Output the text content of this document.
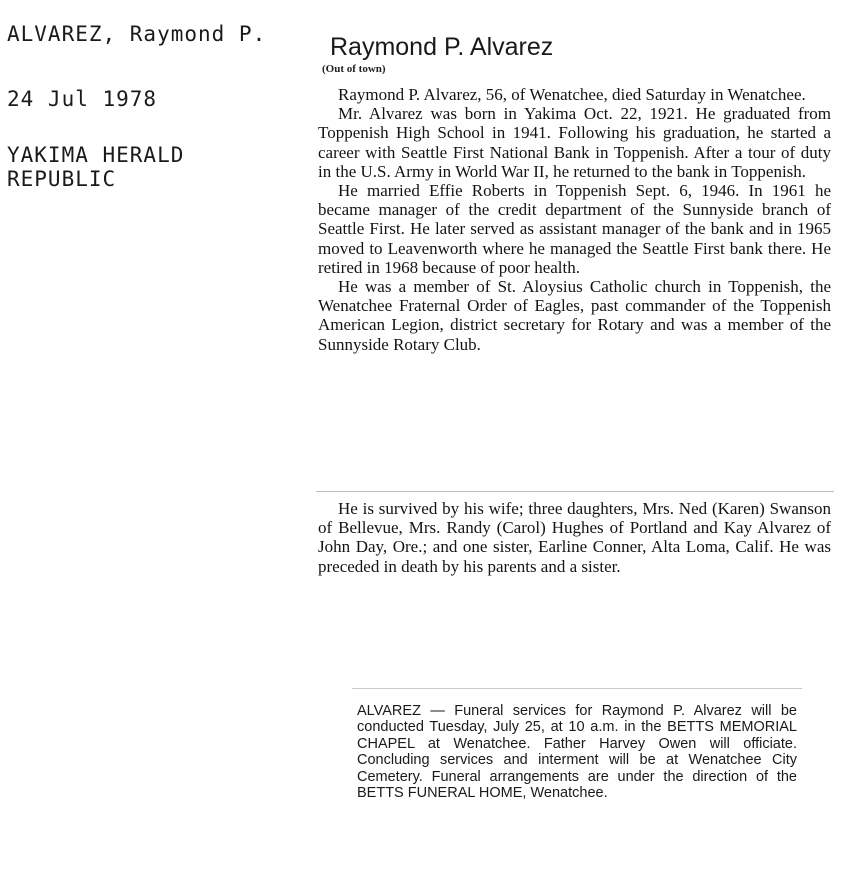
ALVAREZ, Raymond P.
24 Jul 1978
YAKIMA HERALD
REPUBLIC
Raymond P. Alvarez
(Out of town)

Raymond P. Alvarez, 56, of Wenatchee, died Saturday in Wenatchee.

Mr. Alvarez was born in Yakima Oct. 22, 1921. He graduated from Toppenish High School in 1941. Following his graduation, he started a career with Seattle First National Bank in Toppenish. After a tour of duty in the U.S. Army in World War II, he returned to the bank in Toppenish.

He married Effie Roberts in Toppenish Sept. 6, 1946. In 1961 he became manager of the credit department of the Sunnyside branch of Seattle First. He later served as assistant manager of the bank and in 1965 moved to Leavenworth where he managed the Seattle First bank there. He retired in 1968 because of poor health.

He was a member of St. Aloysius Catholic church in Toppenish, the Wenatchee Fraternal Order of Eagles, past commander of the Toppenish American Legion, district secretary for Rotary and was a member of the Sunnyside Rotary Club.

He is survived by his wife; three daughters, Mrs. Ned (Karen) Swanson of Bellevue, Mrs. Randy (Carol) Hughes of Portland and Kay Alvarez of John Day, Ore.; and one sister, Earline Conner, Alta Loma, Calif. He was preceded in death by his parents and a sister.

ALVAREZ — Funeral services for Raymond P. Alvarez will be conducted Tuesday, July 25, at 10 a.m. in the BETTS MEMORIAL CHAPEL at Wenatchee. Father Harvey Owen will officiate. Concluding services and interment will be at Wenatchee City Cemetery. Funeral arrangements are under the direction of the BETTS FUNERAL HOME, Wenatchee.
